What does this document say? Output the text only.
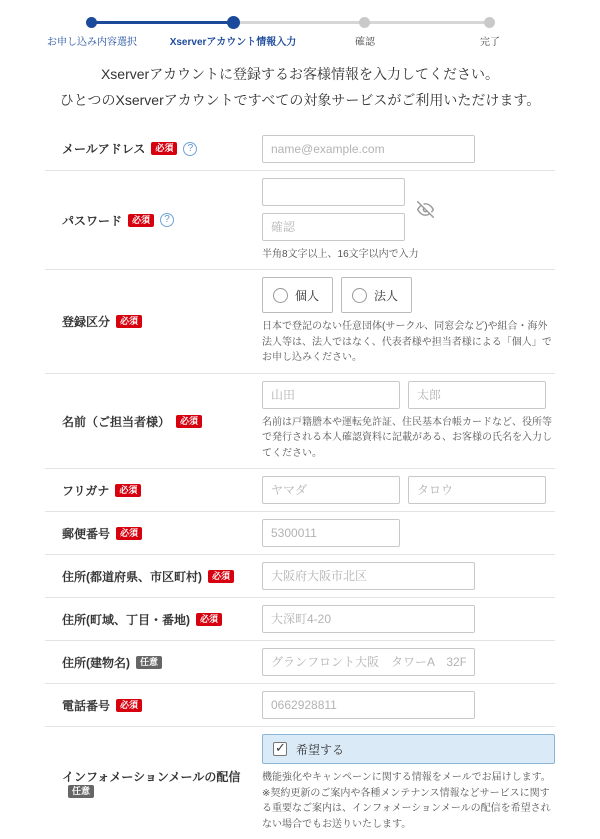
お申し込み内容選択	Xserverアカウント情報入力	確認	完了
Xserverアカウントに登録するお客様情報を入力してください。
ひとつのXserverアカウントですべての対象サービスがご利用いただけます。
メールアドレス	必須	?
name@example.com
パスワード	必須	?
半角8文字以上、16文字以内で入力
登録区分	必須
個人	法人
日本で登記のない任意団体(サークル、同窓会など)や組合・海外法人等は、法人ではなく、代表者様や担当者様による「個人」でお申し込みください。
名前（ご担当者様）	必須
山田
太郎	名前は戸籍謄本や運転免許証、住民基本台帳カードなど、役所等で発行される本人確認資料に記載がある、お客様の氏名を入力してください。
フリガナ	必須
ヤマダ
タロウ
郵便番号	必須
5300011
住所(都道府県、市区町村)	必須
大阪府大阪市北区
住所(町域、丁目・番地)	必須
大深町4-20
住所(建物名)	任意
グランフロント大阪　タワーA　32F
電話番号	必須
0662928811
インフォメーションメールの配信
任意
✓
希望する
機能強化やキャンペーンに関する情報をメールでお届けします。
※契約更新のご案内や各種メンテナンス情報などサービスに関する重要なご案内は、インフォメーションメールの配信を希望されない場合でもお送りいたします。
